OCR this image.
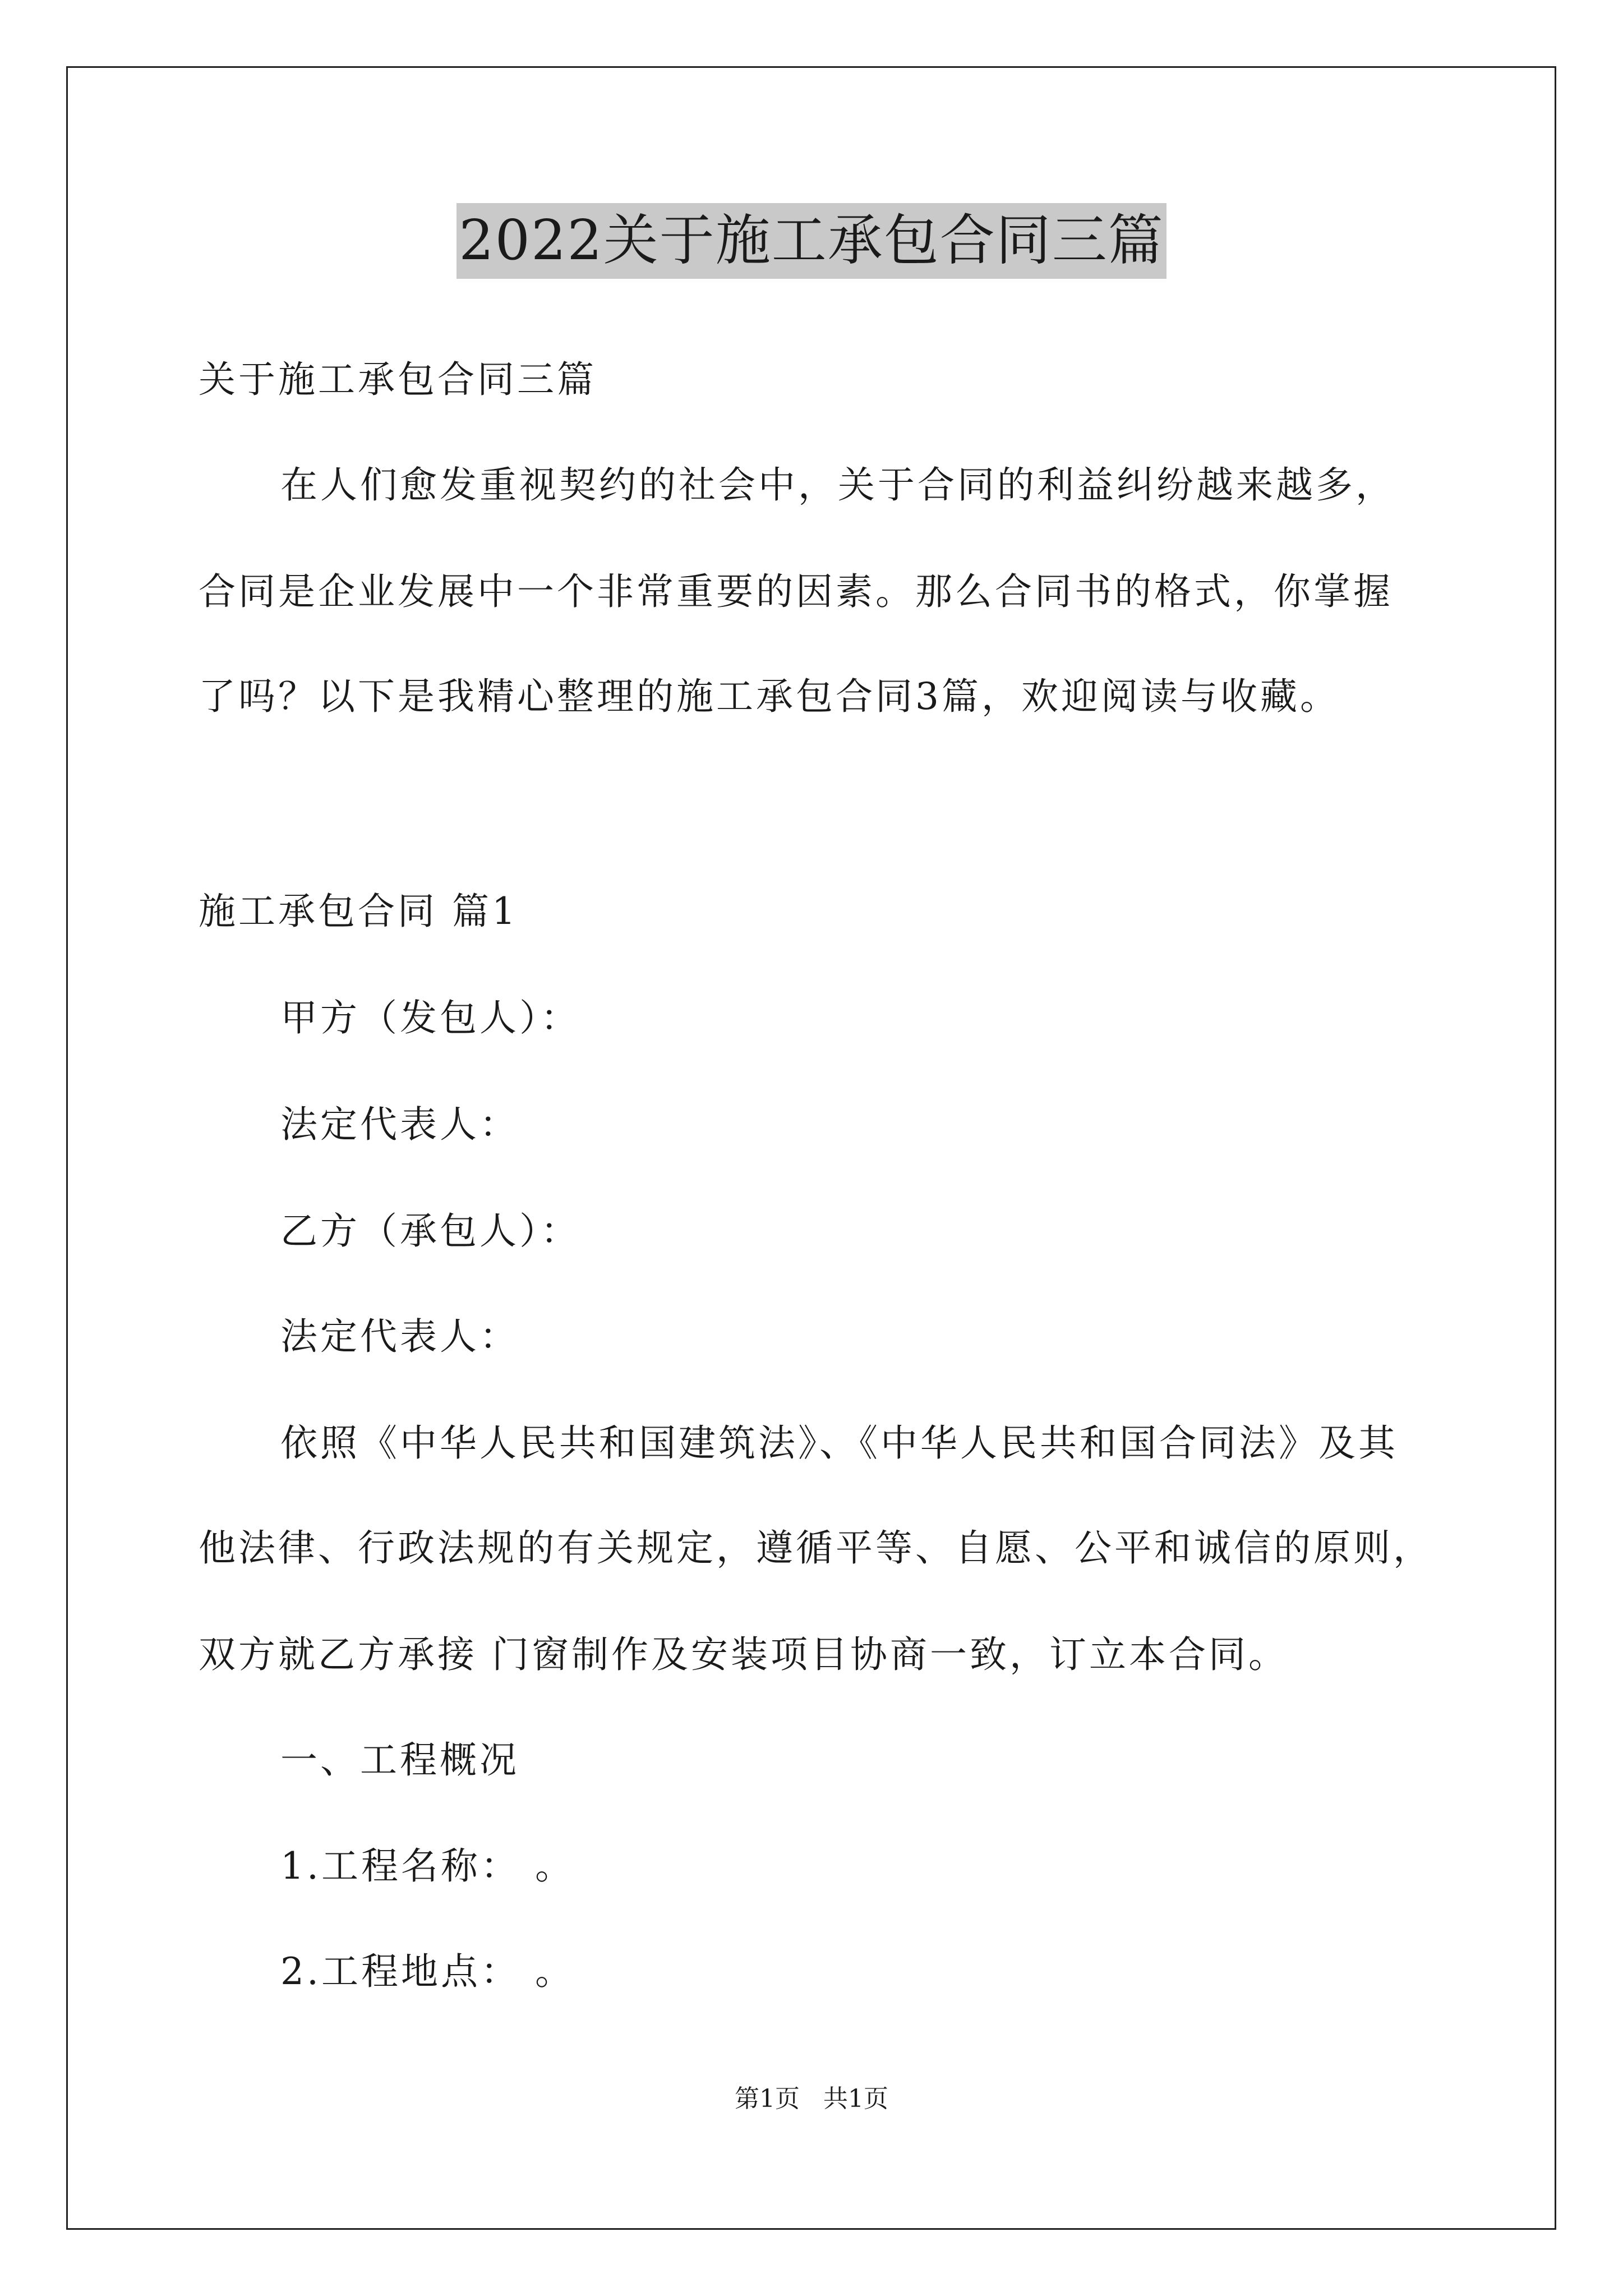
2022关于施工承包合同三篇
关于施工承包合同三篇
在人们愈发重视契约的社会中，关于合同的利益纠纷越来越多，
合同是企业发展中一个非常重要的因素。那么合同书的格式，你掌握
了吗？以下是我精心整理的施工承包合同3篇，欢迎阅读与收藏。
施工承包合同 篇1
甲方（发包人）：
法定代表人：
乙方（承包人）：
法定代表人：
依照《中华人民共和国建筑法》、《中华人民共和国合同法》及其
他法律、行政法规的有关规定，遵循平等、自愿、公平和诚信的原则，
双方就乙方承接 门窗制作及安装项目协商一致，订立本合同。
一、工程概况
1.工程名称： 。
2.工程地点： 。
第1页   共1页
